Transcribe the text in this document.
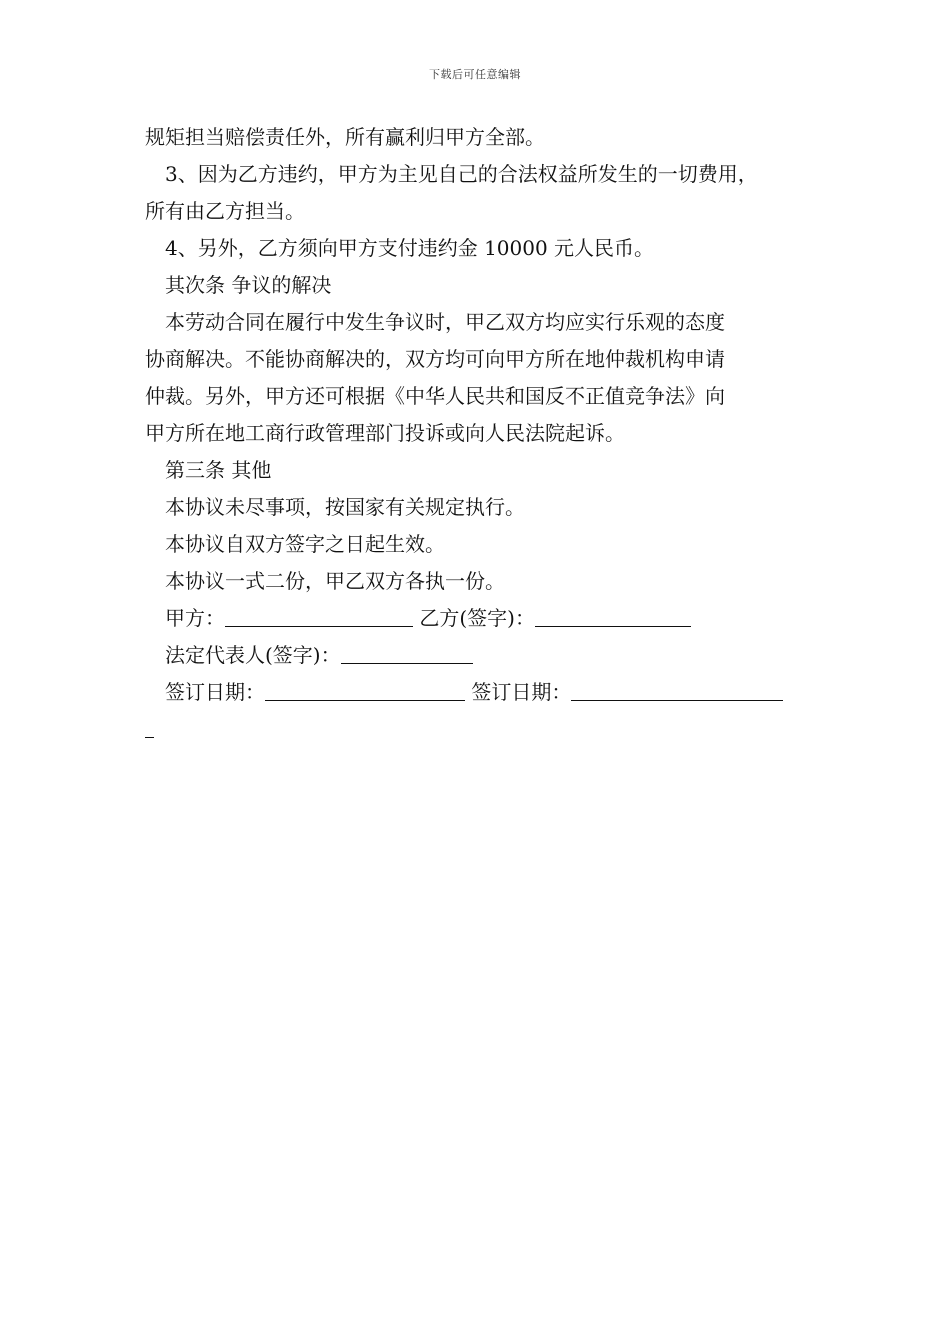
下载后可任意编辑
规矩担当赔偿责任外，所有赢利归甲方全部。
3、因为乙方违约，甲方为主见自己的合法权益所发生的一切费用，
所有由乙方担当。
4、另外，乙方须向甲方支付违约金 10000 元人民币。
其次条 争议的解决
本劳动合同在履行中发生争议时，甲乙双方均应实行乐观的态度
协商解决。不能协商解决的，双方均可向甲方所在地仲裁机构申请
仲裁。另外，甲方还可根据《中华人民共和国反不正值竞争法》向
甲方所在地工商行政管理部门投诉或向人民法院起诉。
第三条 其他
本协议未尽事项，按国家有关规定执行。
本协议自双方签字之日起生效。
本协议一式二份，甲乙双方各执一份。
甲方：	乙方(签字)：
法定代表人(签字)：
签订日期：	签订日期：
